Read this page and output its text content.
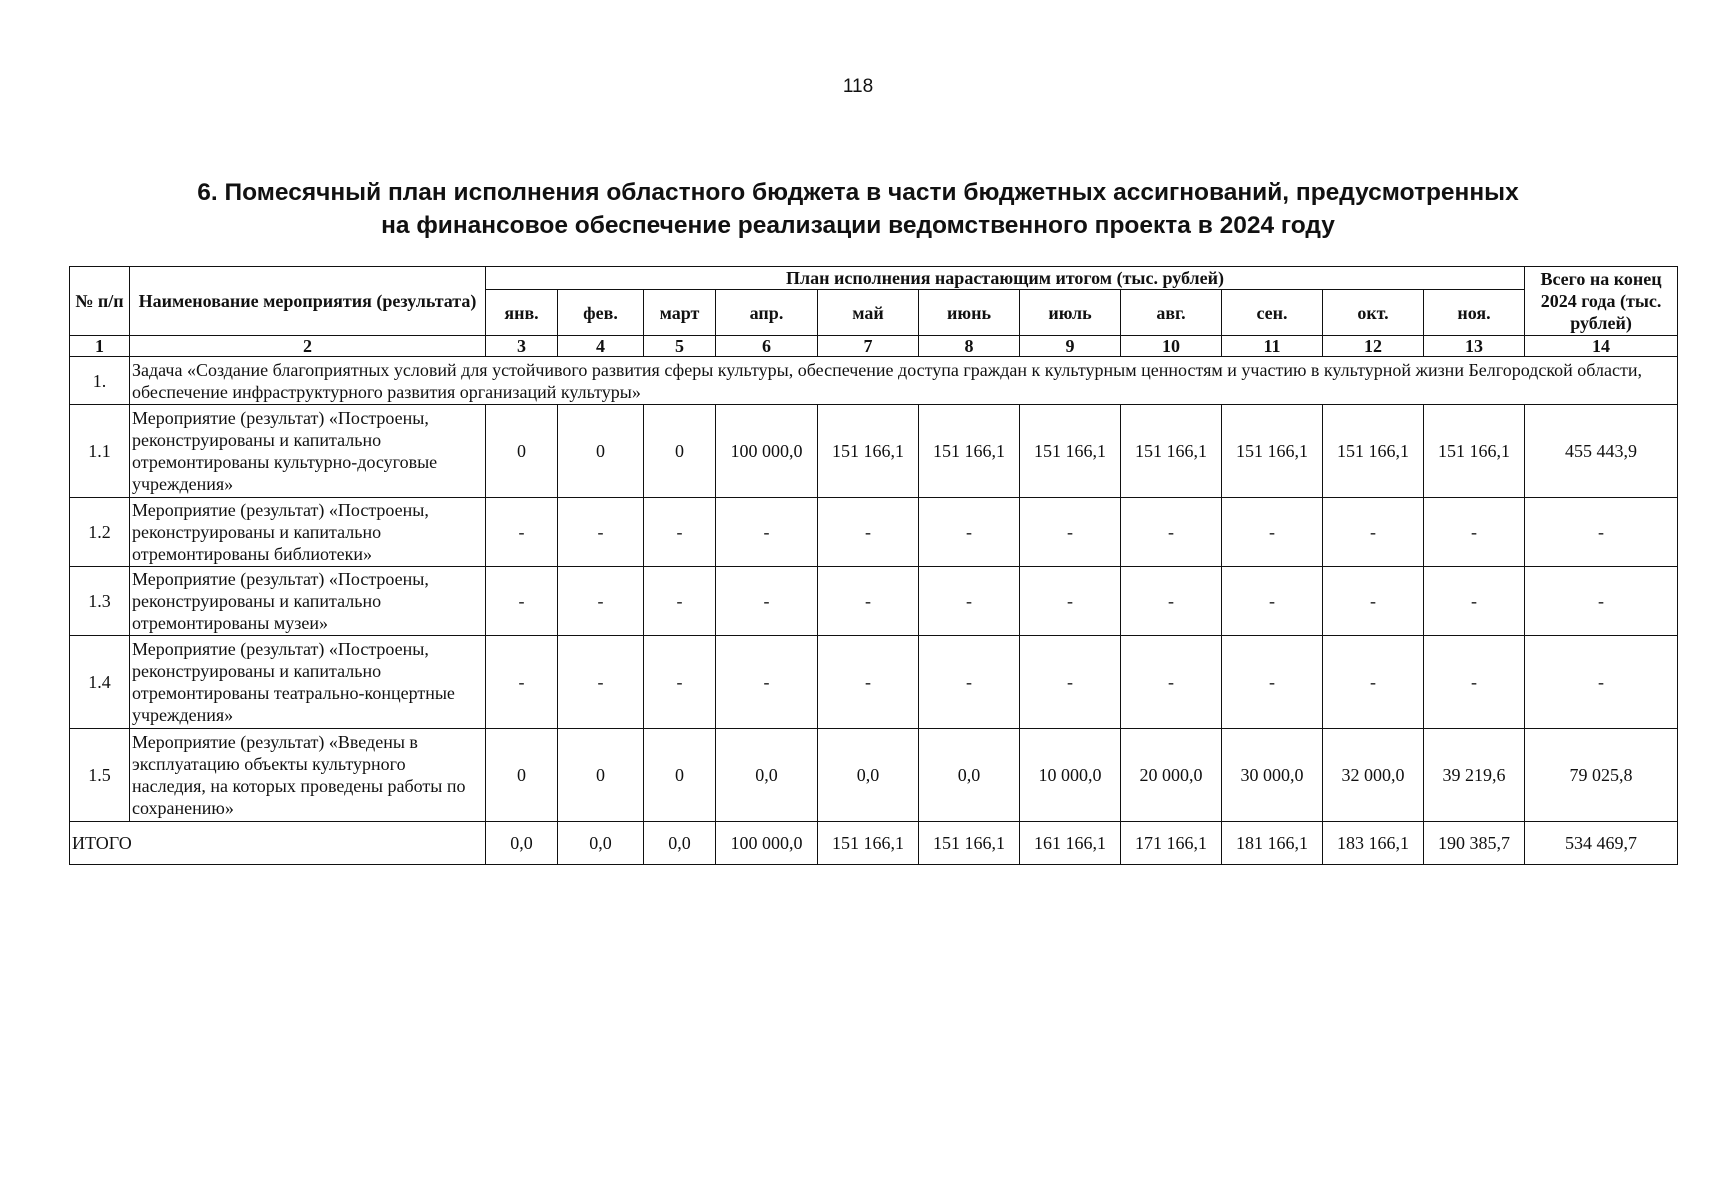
118
6. Помесячный план исполнения областного бюджета в части бюджетных ассигнований, предусмотренных
на финансовое обеспечение реализации ведомственного проекта в 2024 году
№ п/п	Наименование мероприятия (результата)	План исполнения нарастающим итогом (тыс. рублей)											Всего на конец 2024 года (тыс. рублей)
		янв.	фев.	март	апр.	май	июнь	июль	авг.	сен.	окт.	ноя.	
1	2	3	4	5	6	7	8	9	10	11	12	13	14
1.	Задача «Создание благоприятных условий для устойчивого развития сферы культуры, обеспечение доступа граждан к культурным ценностям и участию в культурной жизни Белгородской области, обеспечение инфраструктурного развития организаций культуры»												
1.1	Мероприятие (результат) «Построены, реконструированы и капитально отремонтированы культурно-досуговые учреждения»	0	0	0	100 000,0	151 166,1	151 166,1	151 166,1	151 166,1	151 166,1	151 166,1	151 166,1	455 443,9
1.2	Мероприятие (результат) «Построены, реконструированы и капитально отремонтированы библиотеки»	-	-	-	-	-	-	-	-	-	-	-	-
1.3	Мероприятие (результат) «Построены, реконструированы и капитально отремонтированы музеи»	-	-	-	-	-	-	-	-	-	-	-	-
1.4	Мероприятие (результат) «Построены, реконструированы и капитально отремонтированы театрально-концертные учреждения»	-	-	-	-	-	-	-	-	-	-	-	-
1.5	Мероприятие (результат) «Введены в эксплуатацию объекты культурного наследия, на которых проведены работы по сохранению»	0	0	0	0,0	0,0	0,0	10 000,0	20 000,0	30 000,0	32 000,0	39 219,6	79 025,8
ИТОГО		0,0	0,0	0,0	100 000,0	151 166,1	151 166,1	161 166,1	171 166,1	181 166,1	183 166,1	190 385,7	534 469,7
